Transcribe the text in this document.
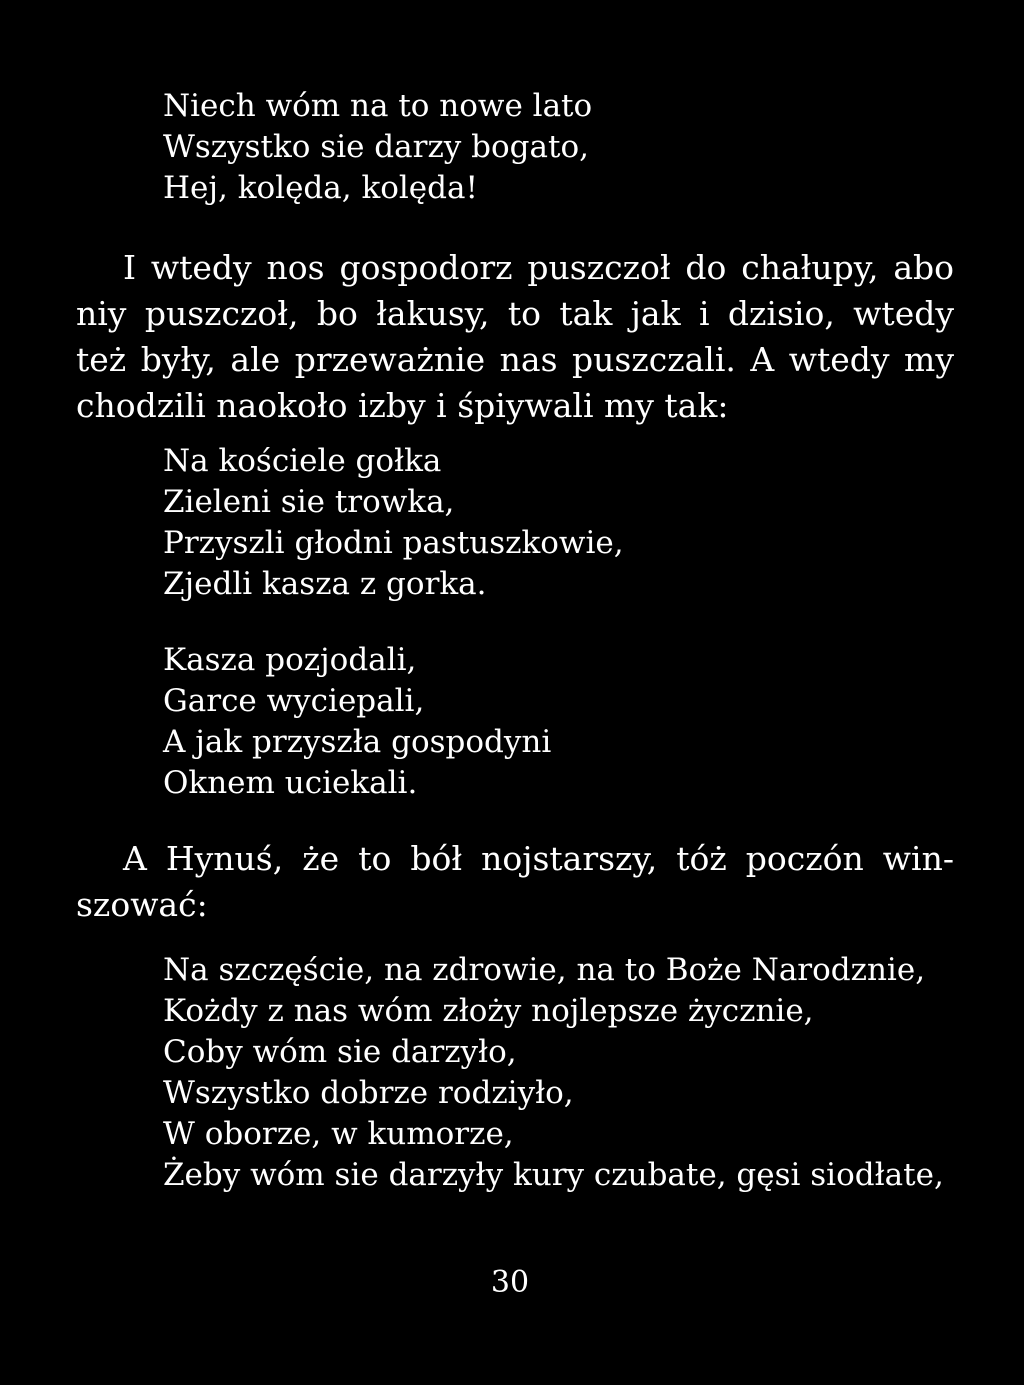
Niech wóm na to nowe lato
Wszystko sie darzy bogato,
Hej, kolęda, kolęda!
I wtedy nos gospodorz puszczoł do chałupy, abo
niy puszczoł, bo łakusy, to tak jak i dzisio, wtedy
też były, ale przeważnie nas puszczali. A wtedy my
chodzili naokoło izby i śpiywali my tak:
Na kościele gołka
Zieleni sie trowka,
Przyszli głodni pastuszkowie,
Zjedli kasza z gorka.
Kasza pozjodali,
Garce wyciepali,
A jak przyszła gospodyni
Oknem uciekali.
A Hynuś, że to bół nojstarszy, tóż poczón win-
szować:
Na szczęście, na zdrowie, na to Boże Narodznie,
Kożdy z nas wóm złoży nojlepsze życznie,
Coby wóm sie darzyło,
Wszystko dobrze rodziyło,
W oborze, w kumorze,
Żeby wóm sie darzyły kury czubate, gęsi siodłate,
30
